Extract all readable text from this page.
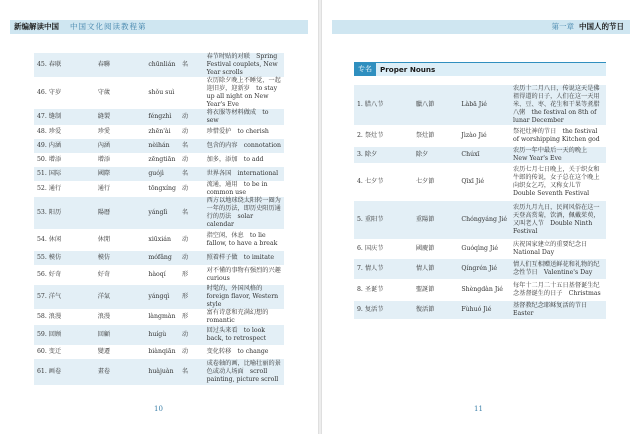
新编解读中国 中国文化阅读教程第
45. 春联	春聯	chūnlián	名	春节时贴的对联　Spring Festival couplets, New Year scrolls
46. 守岁	守歲	shǒu suì		农历除夕晚上不睡觉，一起迎旧岁，迎新岁　to stay up all night on New Year's Eve
47. 缝制	縫製	féngzhì	动	将衣服等材料做成　to sew
48. 珍爱	珍愛	zhēn'ài	动	珍惜爱护　to cherish
49. 内涵	內涵	nèihán	名	包含的内容　connotation
50. 增添	增添	zēngtiān	动	加多，添加　to add
51. 国际	國際	guójì	名	世界各国　international
52. 通行	通行	tōngxíng	动	流通，通用　to be in common use
53. 阳历	陽曆	yánglì	名	西方以地球绕太阳转一圈为一年的历法，即历史阳历通行的历法　solar calendar
54. 休闲	休閒	xiūxián	动	指空闲，休息　to lie fallow, to have a break
55. 模仿	模仿	mófǎng	动	照着样子做　to imitate
56. 好奇	好奇	hàoqí	形	对不懂的事物有强烈的兴趣　curious
57. 洋气	洋氣	yángqì	形	时髦的，外国风格的　foreign flavor, Western style
58. 浪漫	浪漫	làngmàn	形	富有诗意和充满幻想的　romantic
59. 回顾	回顧	huígù	动	回过头来看　to look back, to retrospect
60. 变迁	變遷	biànqiān	动	变化转移　to change
61. 画卷	畫卷	huàjuàn	名	成卷轴的画，比喻壮丽的景色或动人场面　scroll painting, picture scroll
10
第一章 中国人的节日
专名	Proper Nouns
1. 腊八节	臘八節	Làbā Jié	农历十二月八日，传说这天是佛祖得道的日子，人们在这一天用米、豆、枣、花生和干果等煮腊八粥　the festival on 8th of lunar December
2. 祭灶节	祭灶節	Jìzào Jié	祭祀灶神的节日　the festival of worshipping Kitchen god
3. 除夕	除夕	Chúxī	农历一年中最后一天的晚上　New Year's Eve
4. 七夕节	七夕節	Qīxī Jié	农历七月七日晚上，关于织女和牛郎的传说，女子总在这个晚上向织女乞巧，又称女儿节　Double Seventh Festival
5. 重阳节	重陽節	Chóngyáng Jié	农历九月九日，民间风俗在这一天登高赏菊，饮酒，佩戴茱萸，又叫老人节　Double Ninth Festival
6. 国庆节	國慶節	Guóqìng Jié	庆祝国家建立的重要纪念日　National Day
7. 情人节	情人節	Qíngrén Jié	情人们互相赠送鲜花和礼物的纪念性节日　Valentine's Day
8. 圣诞节	聖誕節	Shèngdàn Jié	每年十二月二十五日基督诞生纪念基督诞生的日子　Christmas
9. 复活节	復活節	Fùhuó Jié	基督教纪念耶稣复活的节日　Easter
11
